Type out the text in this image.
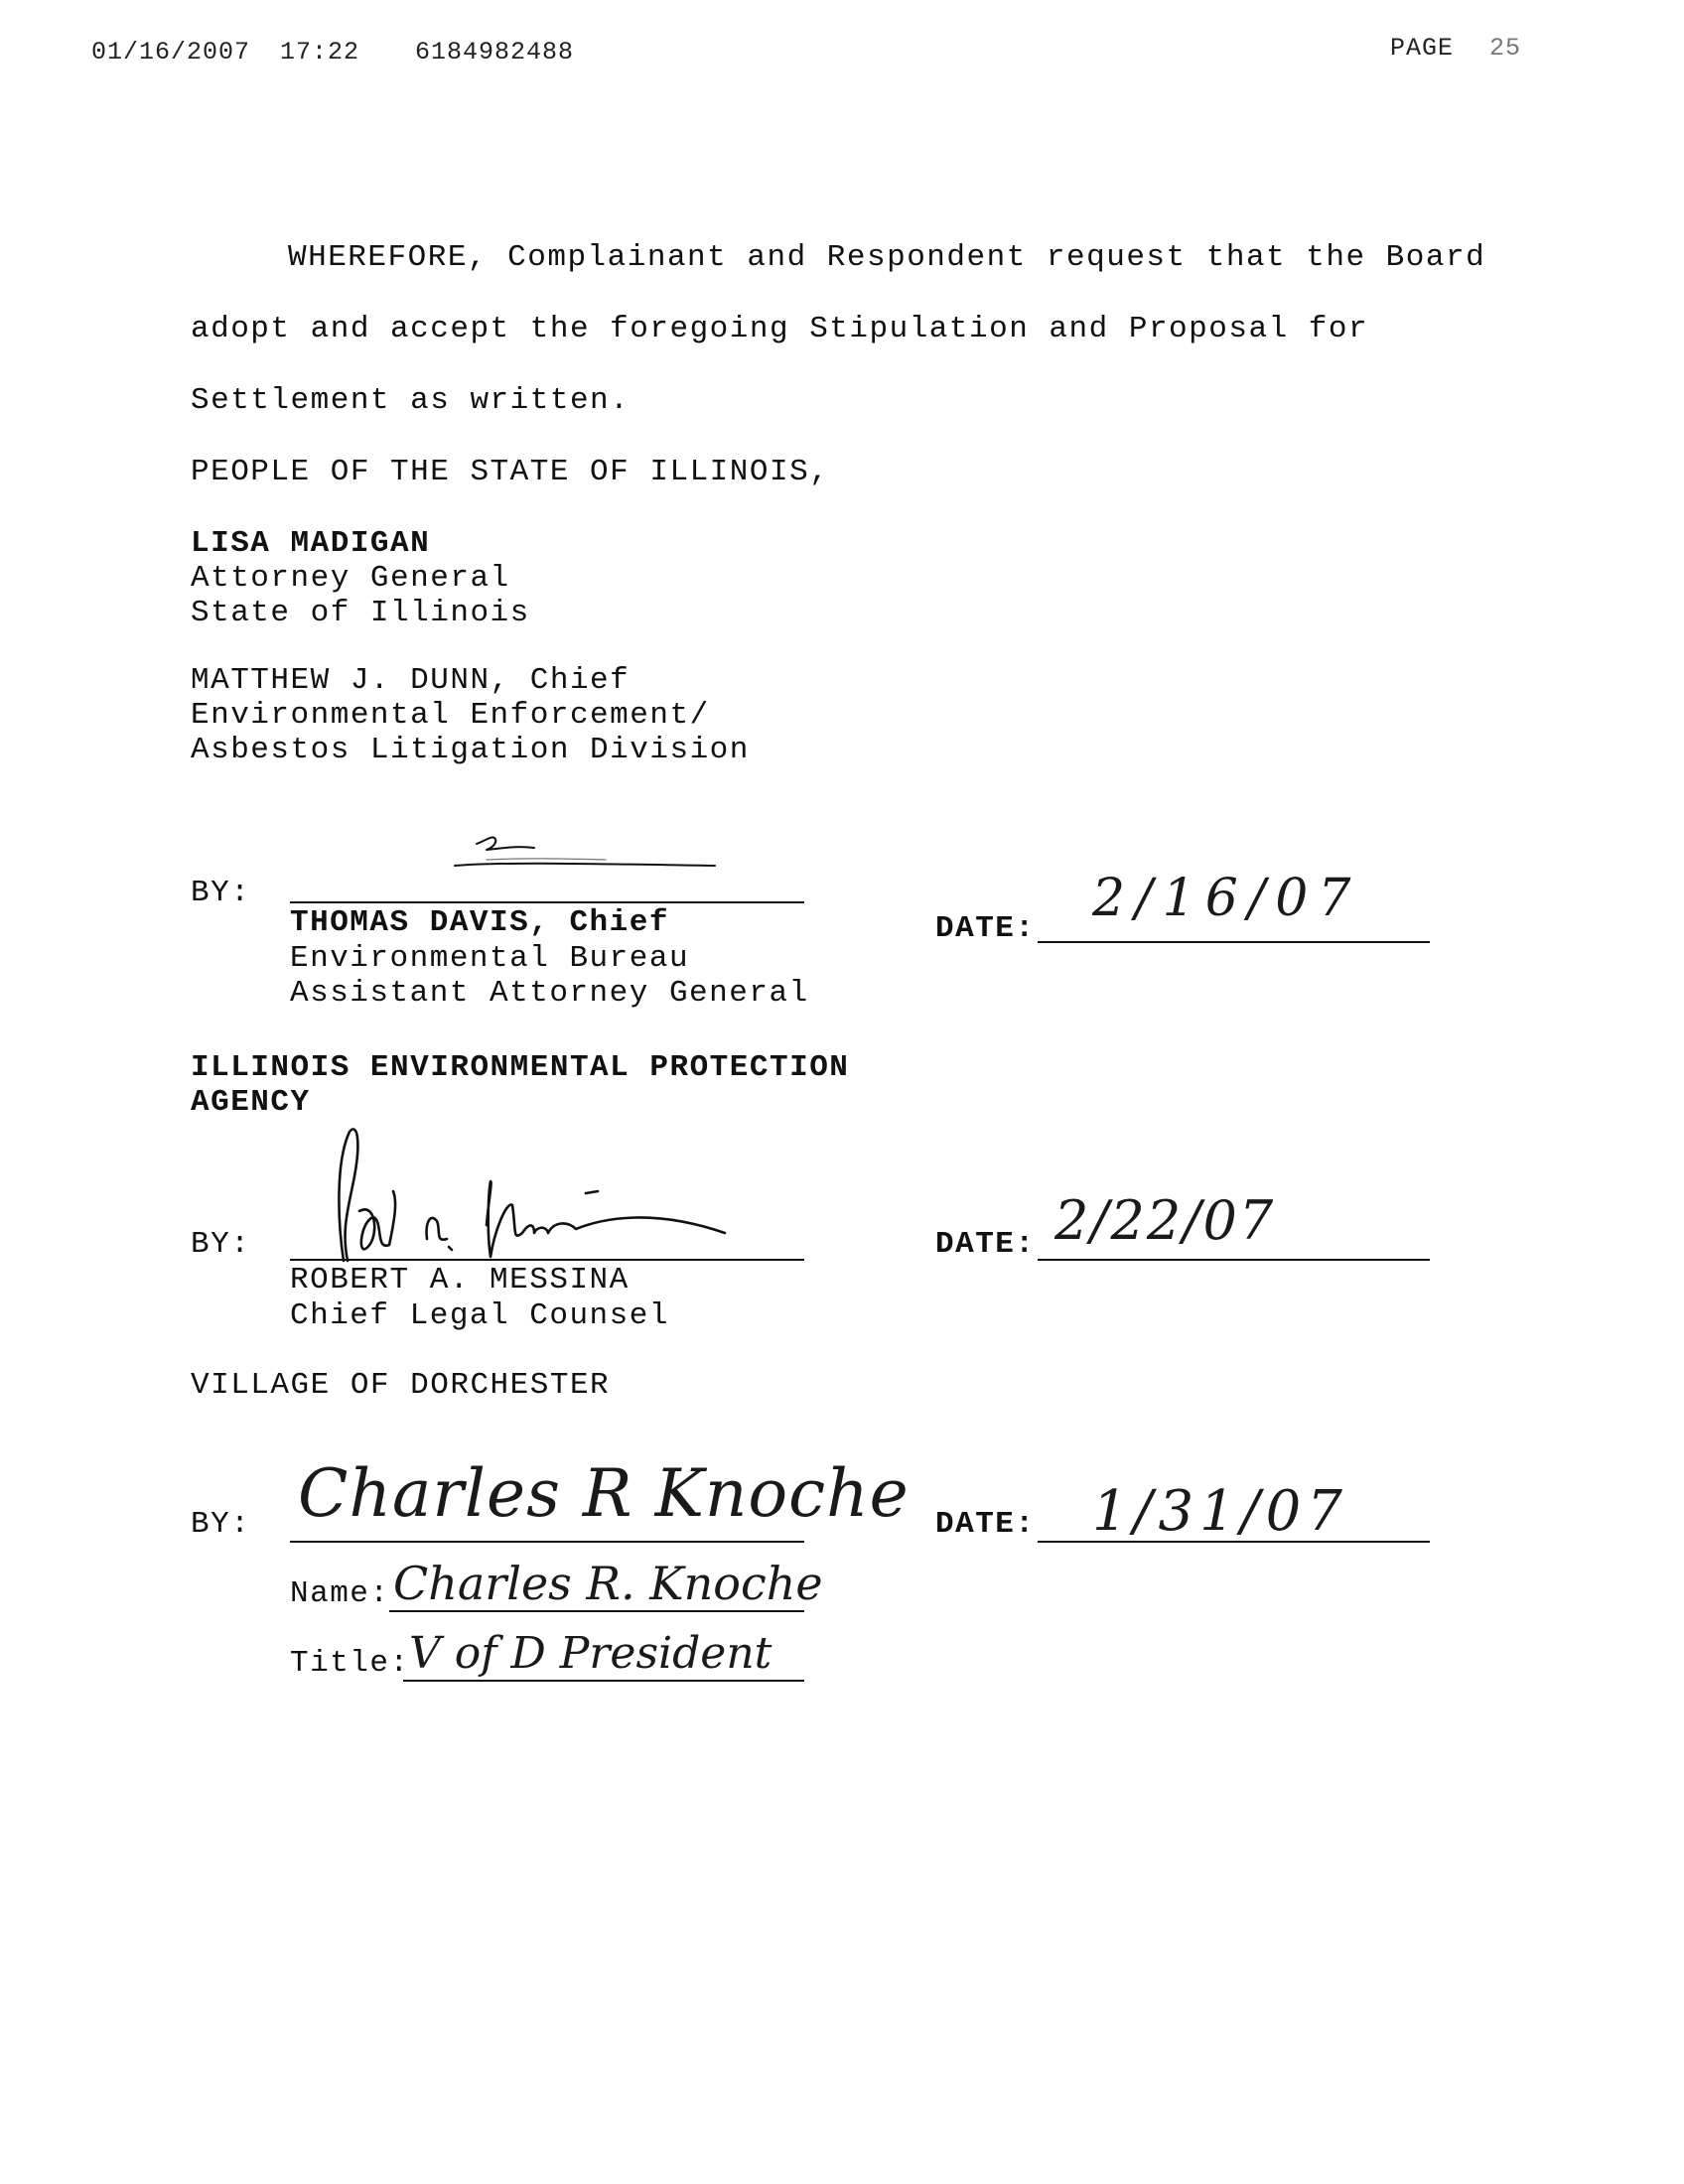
01/16/2007 17:22 6184982488	PAGE 25
WHEREFORE, Complainant and Respondent request that the Board
adopt and accept the foregoing Stipulation and Proposal for
Settlement as written.
PEOPLE OF THE STATE OF ILLINOIS,
LISA MADIGAN
Attorney General
State of Illinois
MATTHEW J. DUNN, Chief
Environmental Enforcement/
Asbestos Litigation Division
BY:
THOMAS DAVIS, Chief
Environmental Bureau
Assistant Attorney General
DATE:
2/16/07
ILLINOIS ENVIRONMENTAL PROTECTION
AGENCY
BY:
ROBERT A. MESSINA
Chief Legal Counsel
DATE: 2/22/07
VILLAGE OF DORCHESTER
BY: Charles R Knoche
Name: Charles R. Knoche
Title: V of D President
DATE: 1/31/07
